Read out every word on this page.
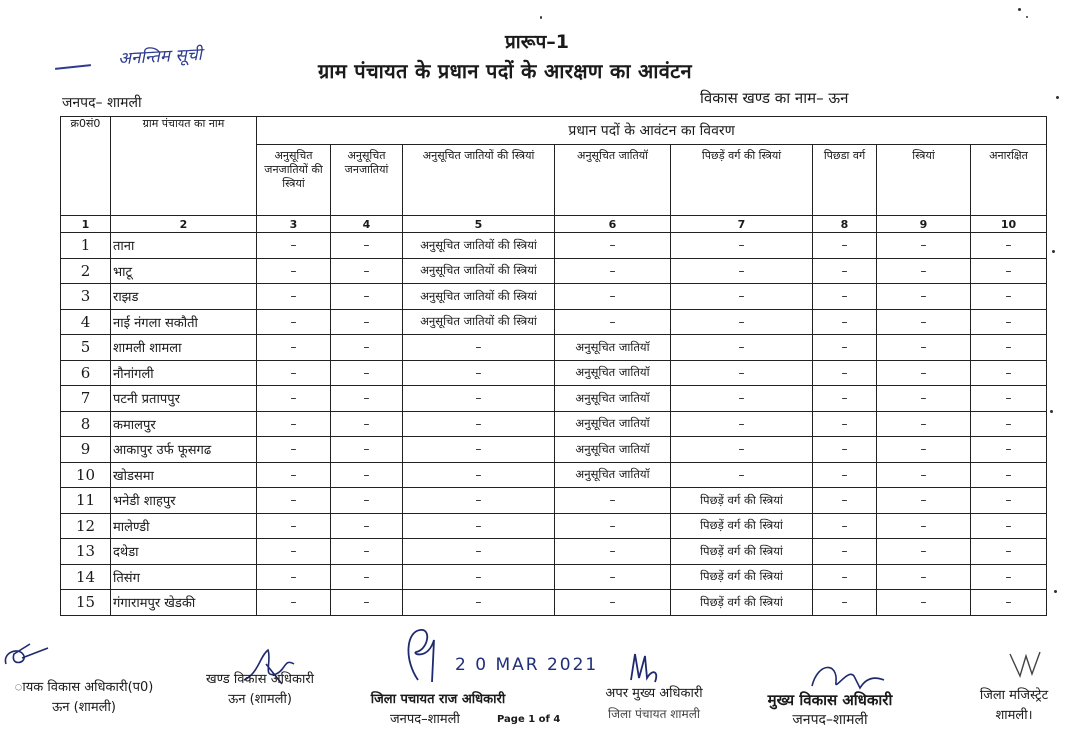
प्रारूप–1
ग्राम पंचायत के प्रधान पदों के आरक्षण का आवंटन
अनन्तिम सूची
जनपद– शामली	विकास खण्ड का नाम– ऊन
क्र0सं0	ग्राम पंचायत का नाम	प्रधान पदों के आवंटन का विवरण							
		अनुसूचित जनजातियों की स्त्रियां	अनुसूचित जनजातियां	अनुसूचित जातियों की स्त्रियां	अनुसूचित जातियॉ	पिछड़ें वर्ग की स्त्रियां	पिछडा वर्ग	स्त्रियां	अनारक्षित
1	2	3	4	5	6	7	8	9	10
1	ताना	–	–	अनुसूचित जातियों की स्त्रियां	–	–	–	–	–
2	भाटू	–	–	अनुसूचित जातियों की स्त्रियां	–	–	–	–	–
3	राझड	–	–	अनुसूचित जातियों की स्त्रियां	–	–	–	–	–
4	नाई नंगला सकौती	–	–	अनुसूचित जातियों की स्त्रियां	–	–	–	–	–
5	शामली शामला	–	–	–	अनुसूचित जातियॉ	–	–	–	–
6	नौनांगली	–	–	–	अनुसूचित जातियॉ	–	–	–	–
7	पटनी प्रतापपुर	–	–	–	अनुसूचित जातियॉ	–	–	–	–
8	कमालपुर	–	–	–	अनुसूचित जातियॉ	–	–	–	–
9	आकापुर उर्फ फूसगढ	–	–	–	अनुसूचित जातियॉ	–	–	–	–
10	खोडसमा	–	–	–	अनुसूचित जातियॉ	–	–	–	–
11	भनेडी शाहपुर	–	–	–	–	पिछड़ें वर्ग की स्त्रियां	–	–	–
12	मालेण्डी	–	–	–	–	पिछड़ें वर्ग की स्त्रियां	–	–	–
13	दथेडा	–	–	–	–	पिछड़ें वर्ग की स्त्रियां	–	–	–
14	तिसंग	–	–	–	–	पिछड़ें वर्ग की स्त्रियां	–	–	–
15	गंगारामपुर खेडकी	–	–	–	–	पिछड़ें वर्ग की स्त्रियां	–	–	–
ायक विकास अधिकारी(प0)
ऊन (शामली)
खण्ड विकास अधिकारी
ऊन (शामली)
2 0 MAR 2021
जिला पचायत राज अधिकारी
जनपद–शामली	Page 1 of 4
अपर मुख्य अधिकारी
जिला पंचायत शामली
मुख्य विकास अधिकारी
जनपद–शामली
जिला मजिस्ट्रेट
शामली।
